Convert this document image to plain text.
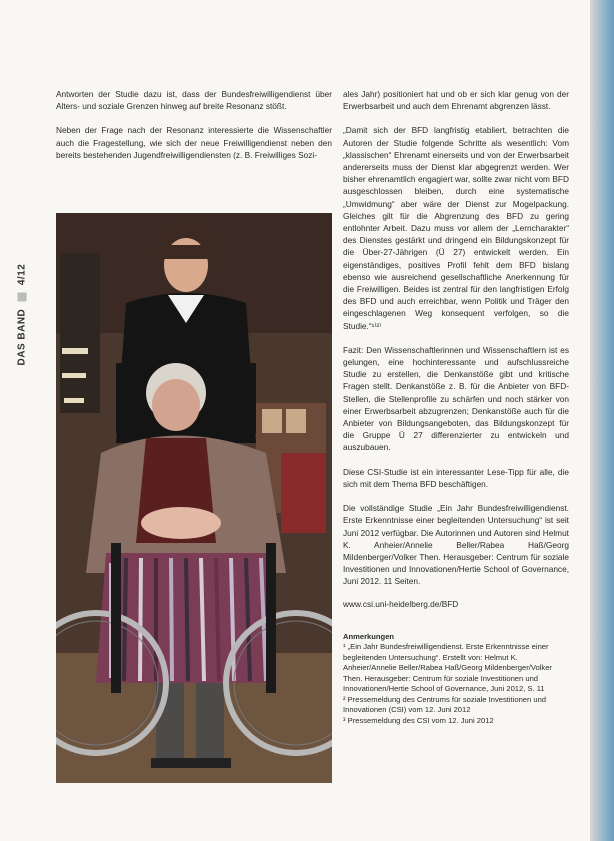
DAS BAND  4/12

Antworten der Studie dazu ist, dass der Bundesfreiwilligendienst über Alters- und soziale Grenzen hinweg auf breite Resonanz stößt.

Neben der Frage nach der Resonanz interessierte die Wissenschaftler auch die Fragestellung, wie sich der neue Freiwilligendienst neben den bereits bestehenden Jugendfreiwilligendiensten (z. B. Freiwilliges Sozi-

ales Jahr) positioniert hat und ob er sich klar genug von der Erwerbsarbeit und auch dem Ehrenamt abgrenzen lässt.

„Damit sich der BFD langfristig etabliert, betrachten die Autoren der Studie folgende Schritte als wesentlich: Vom „klassischen“ Ehrenamt einerseits und von der Erwerbsarbeit andererseits muss der Dienst klar abgegrenzt werden. Wer bisher ehrenamtlich engagiert war, sollte zwar nicht vom BFD ausgeschlossen bleiben, durch eine systematische „Umwidmung“ aber wäre der Dienst zur Mogelpackung. Gleiches gilt für die Abgrenzung des BFD zu gering entlohnter Arbeit. Dazu muss vor allem der „Lerncharakter“ des Dienstes gestärkt und dringend ein Bildungskonzept für die Über-27-Jährigen (Ü 27) entwickelt werden. Ein eigenständiges, positives Profil fehlt dem BFD bislang ebenso wie ausreichend gesellschaftliche Anerkennung für die Freiwilligen. Beides ist zentral für den langfristigen Erfolg des BFD und auch erreichbar, wenn Politik und Träger den eingeschlagenen Weg konsequent verfolgen, so die Studie.“¹⁾²⁾

Fazit: Den Wissenschaftlerinnen und Wissenschaftlern ist es gelungen, eine hochinteressante und aufschlussreiche Studie zu erstellen, die Denkanstöße gibt und kritische Fragen stellt. Denkanstöße z. B. für die Anbieter von BFD-Stellen, die Stellenprofile zu schärfen und noch stärker von einer Erwerbsarbeit abzugrenzen; Denkanstöße auch für die Anbieter von Bildungsangeboten, das Bildungskonzept für die Gruppe Ü 27 differenzierter zu entwickeln und auszubauen.

Diese CSI-Studie ist ein interessanter Lese-Tipp für alle, die sich mit dem Thema BFD beschäftigen.

Die vollständige Studie „Ein Jahr Bundesfreiwilligendienst. Erste Erkenntnisse einer begleitenden Untersuchung“ ist seit Juni 2012 verfügbar. Die Autorinnen und Autoren sind Helmut K. Anheier/Annelie Beller/Rabea Haß/Georg Mildenberger/Volker Then. Herausgeber: Centrum für soziale Investitionen und Innovationen/Hertie School of Governance, Juni 2012. 11 Seiten.

www.csi.uni-heidelberg.de/BFD
Anmerkungen
¹ „Ein Jahr Bundesfreiwilligendienst. Erste Erkenntnisse einer begleitenden Untersuchung“. Erstellt von: Helmut K. Anheier/Annelie Beller/Rabea Haß/Georg Mildenberger/Volker Then. Herausgeber: Centrum für soziale Investitionen und Innovationen/Hertie School of Governance, Juni 2012, S. 11
² Pressemeldung des Centrums für soziale Investitionen und Innovationen (CSI) vom 12. Juni 2012
³ Pressemeldung des CSI vom 12. Juni 2012
